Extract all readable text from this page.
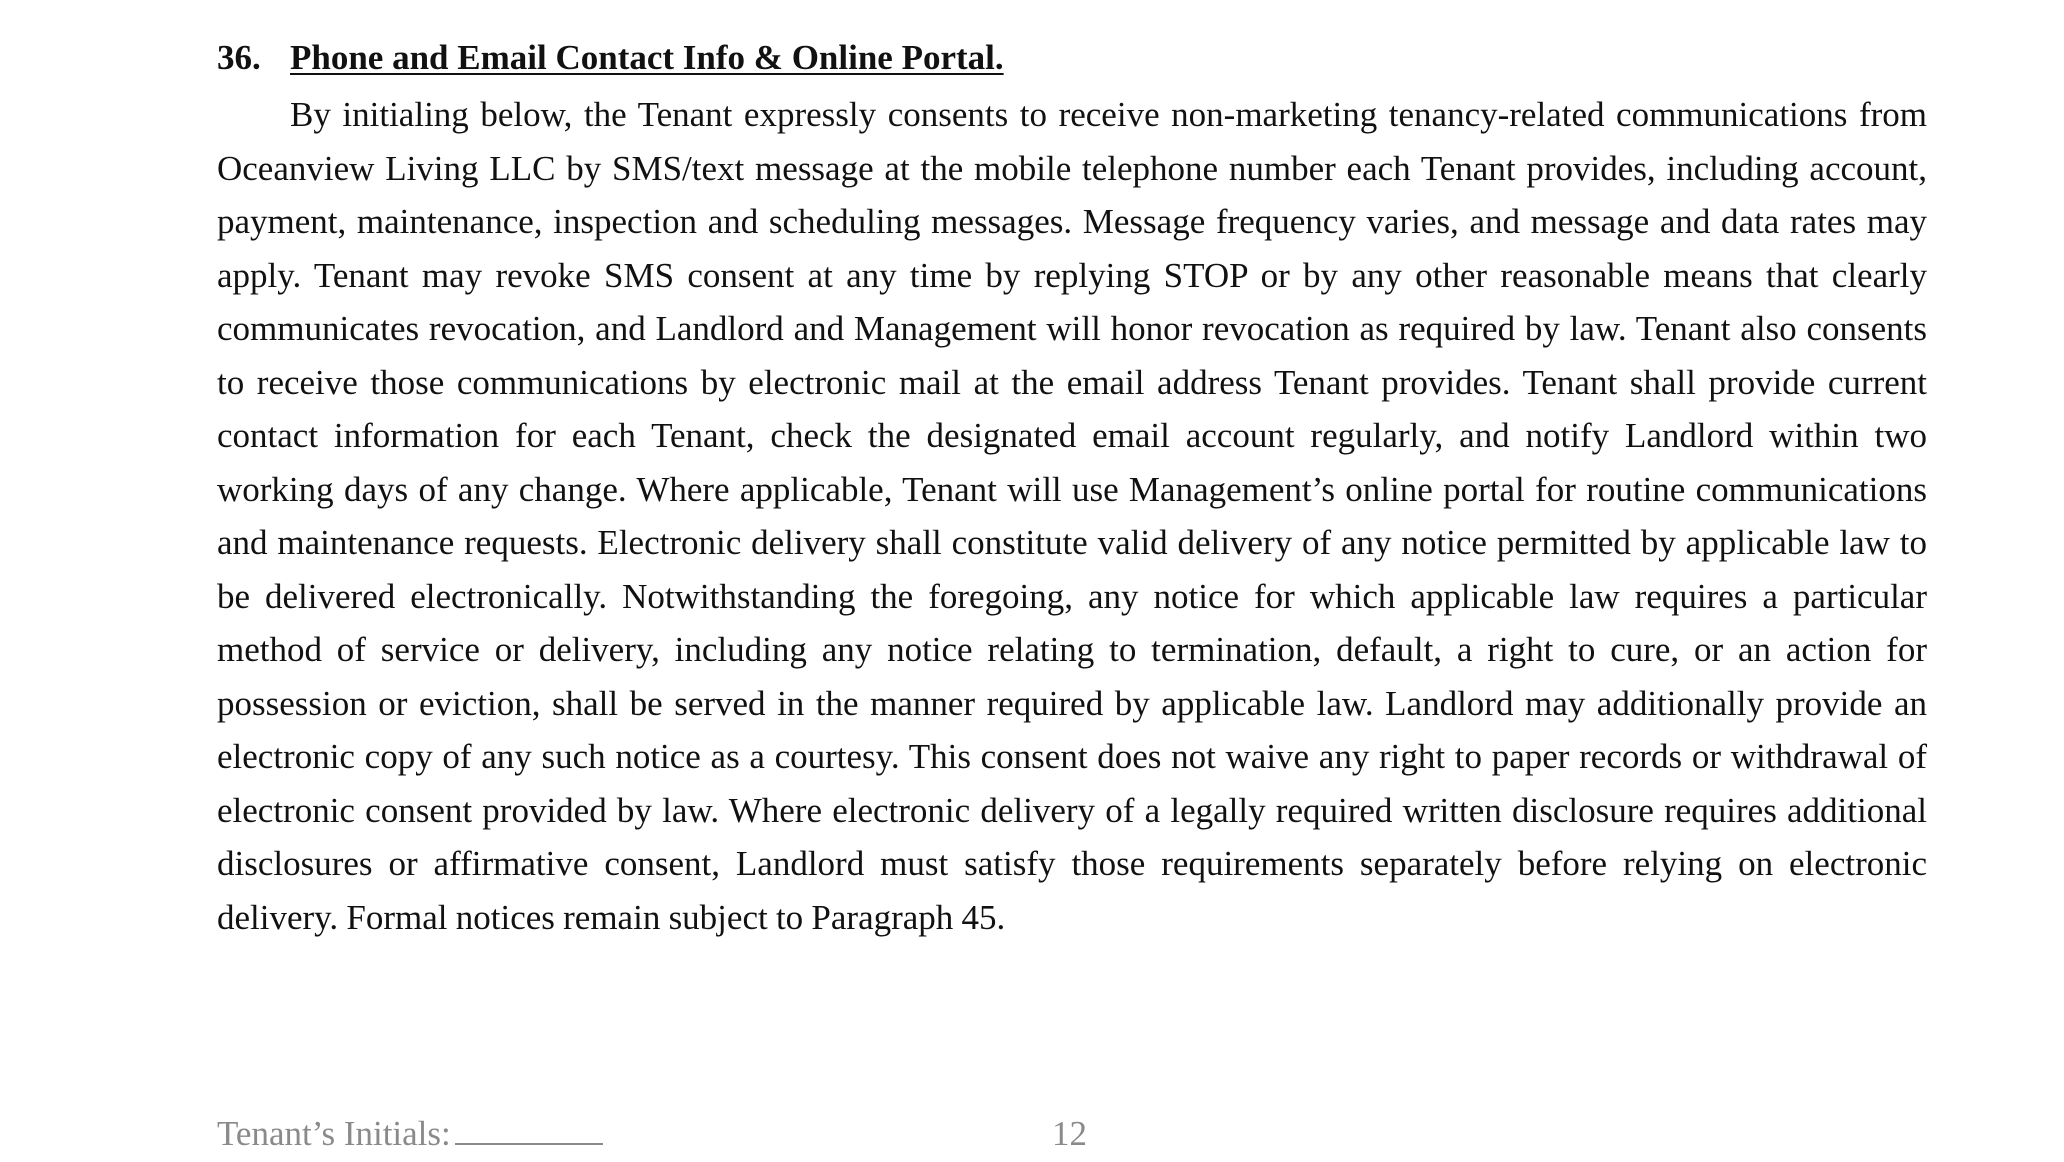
36. Phone and Email Contact Info & Online Portal.

By initialing below, the Tenant expressly consents to receive non-marketing tenancy-related communications from Oceanview Living LLC by SMS/text message at the mobile telephone number each Tenant provides, including account, payment, maintenance, inspection and scheduling messages. Message frequency varies, and message and data rates may apply. Tenant may revoke SMS consent at any time by replying STOP or by any other reasonable means that clearly communicates revocation, and Landlord and Management will honor revocation as required by law. Tenant also consents to receive those communications by electronic mail at the email address Tenant provides. Tenant shall provide current contact information for each Tenant, check the designated email account regularly, and notify Landlord within two working days of any change. Where applicable, Tenant will use Management’s online portal for routine communications and maintenance requests. Electronic delivery shall constitute valid delivery of any notice permitted by applicable law to be delivered electronically. Notwithstanding the foregoing, any notice for which applicable law requires a particular method of service or delivery, including any notice relating to termination, default, a right to cure, or an action for possession or eviction, shall be served in the manner required by applicable law. Landlord may additionally provide an electronic copy of any such notice as a courtesy. This consent does not waive any right to paper records or withdrawal of electronic consent provided by law. Where electronic delivery of a legally required written disclosure requires additional disclosures or affirmative consent, Landlord must satisfy those requirements separately before relying on electronic delivery. Formal notices remain subject to Paragraph 45.

Tenant’s Initials:	12
